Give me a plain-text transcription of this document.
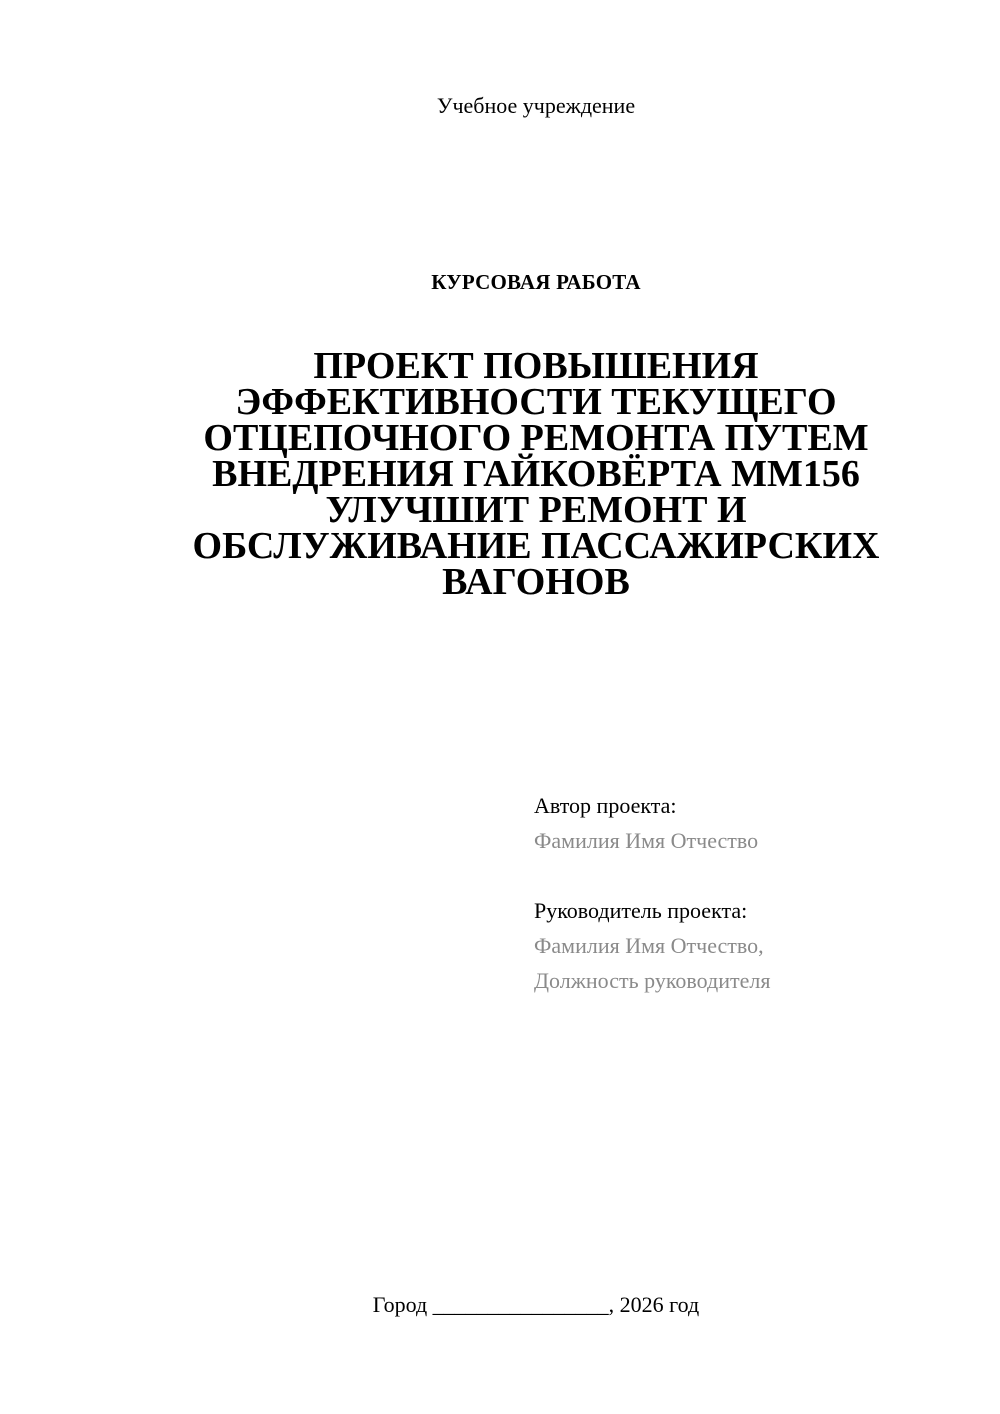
Учебное учреждение
КУРСОВАЯ РАБОТА
ПРОЕКТ ПОВЫШЕНИЯ
ЭФФЕКТИВНОСТИ ТЕКУЩЕГО
ОТЦЕПОЧНОГО РЕМОНТА ПУТЕМ
ВНЕДРЕНИЯ ГАЙКОВЁРТА ММ156
УЛУЧШИТ РЕМОНТ И
ОБСЛУЖИВАНИЕ ПАССАЖИРСКИХ
ВАГОНОВ
Автор проекта:
Фамилия Имя Отчество
Руководитель проекта:
Фамилия Имя Отчество,
Должность руководителя
Город ________________, 2026 год
